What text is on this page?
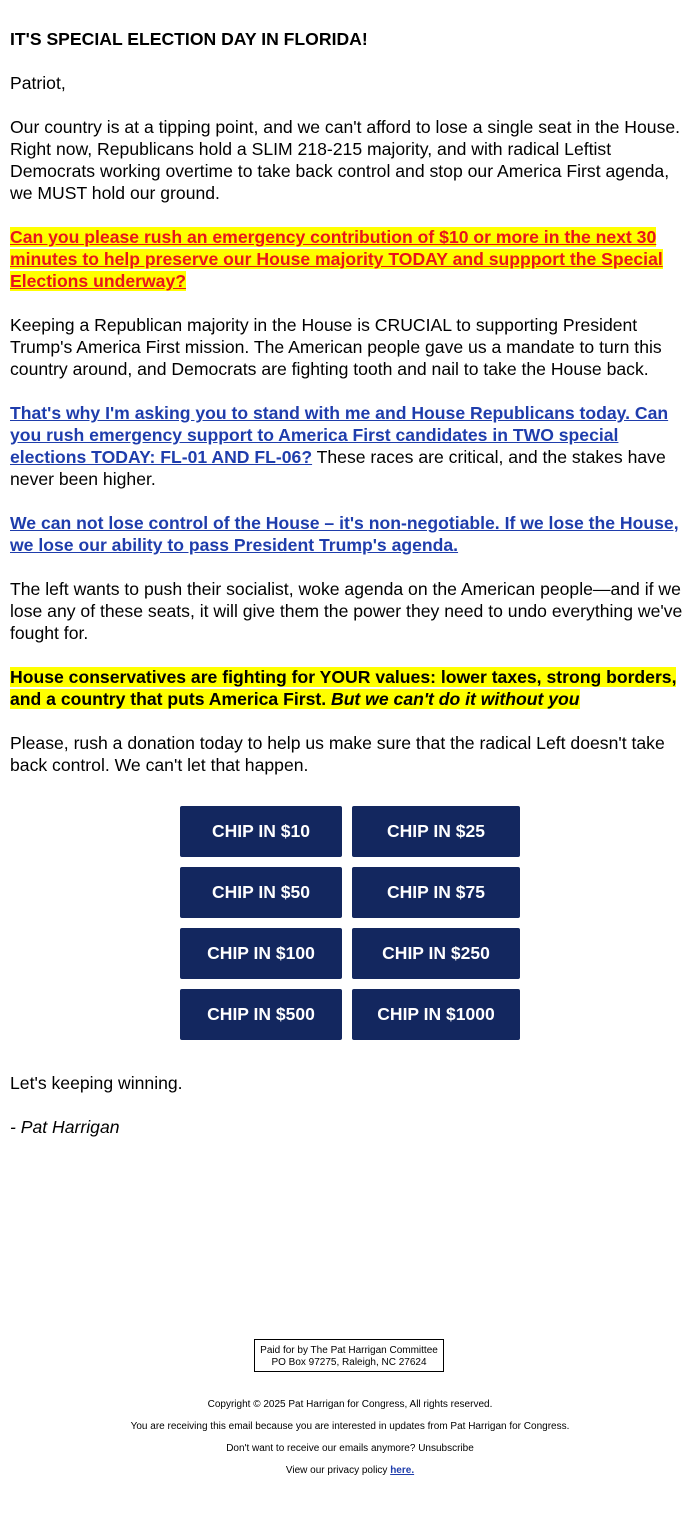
IT'S SPECIAL ELECTION DAY IN FLORIDA!

Patriot,

Our country is at a tipping point, and we can't afford to lose a single seat in the House. Right now, Republicans hold a SLIM 218-215 majority, and with radical Leftist Democrats working overtime to take back control and stop our America First agenda, we MUST hold our ground.

Can you please rush an emergency contribution of $10 or more in the next 30 minutes to help preserve our House majority TODAY and suppport the Special Elections underway?

Keeping a Republican majority in the House is CRUCIAL to supporting President Trump's America First mission. The American people gave us a mandate to turn this country around, and Democrats are fighting tooth and nail to take the House back.

That's why I'm asking you to stand with me and House Republicans today. Can you rush emergency support to America First candidates in TWO special elections TODAY: FL-01 AND FL-06? These races are critical, and the stakes have never been higher.

We can not lose control of the House – it's non-negotiable. If we lose the House, we lose our ability to pass President Trump's agenda.

The left wants to push their socialist, woke agenda on the American people—and if we lose any of these seats, it will give them the power they need to undo everything we've fought for.

House conservatives are fighting for YOUR values: lower taxes, strong borders, and a country that puts America First. But we can't do it without you

Please, rush a donation today to help us make sure that the radical Left doesn't take back control. We can't let that happen.

CHIP IN $10	CHIP IN $25
CHIP IN $50	CHIP IN $75
CHIP IN $100	CHIP IN $250
CHIP IN $500	CHIP IN $1000

Let's keeping winning.

- Pat Harrigan

Paid for by The Pat Harrigan Committee
PO Box 97275, Raleigh, NC 27624
Copyright © 2025 Pat Harrigan for Congress, All rights reserved.
You are receiving this email because you are interested in updates from Pat Harrigan for Congress.
Don't want to receive our emails anymore? Unsubscribe
View our privacy policy here.
